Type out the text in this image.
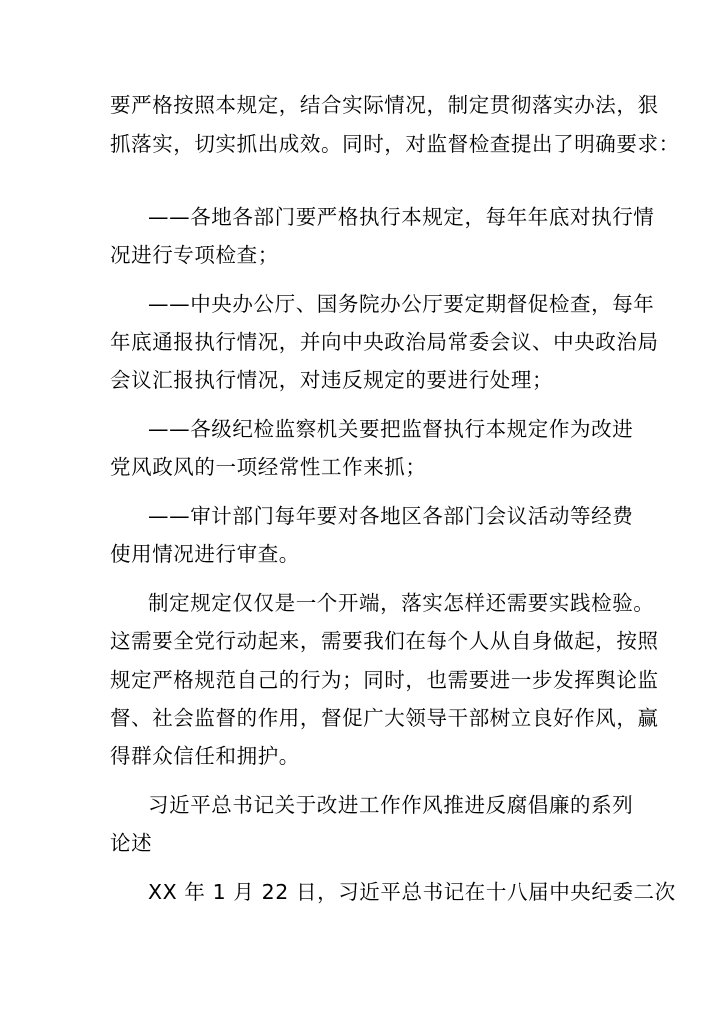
要严格按照本规定，结合实际情况，制定贯彻落实办法，狠
抓落实，切实抓出成效。同时，对监督检查提出了明确要求：
——各地各部门要严格执行本规定，每年年底对执行情
况进行专项检查；
——中央办公厅、国务院办公厅要定期督促检查，每年
年底通报执行情况，并向中央政治局常委会议、中央政治局
会议汇报执行情况，对违反规定的要进行处理；
——各级纪检监察机关要把监督执行本规定作为改进
党风政风的一项经常性工作来抓；
——审计部门每年要对各地区各部门会议活动等经费
使用情况进行审查。
制定规定仅仅是一个开端，落实怎样还需要实践检验。
这需要全党行动起来，需要我们在每个人从自身做起，按照
规定严格规范自己的行为；同时，也需要进一步发挥舆论监
督、社会监督的作用，督促广大领导干部树立良好作风，赢
得群众信任和拥护。
习近平总书记关于改进工作作风推进反腐倡廉的系列
论述
XX 年 1 月 22 日，习近平总书记在十八届中央纪委二次
